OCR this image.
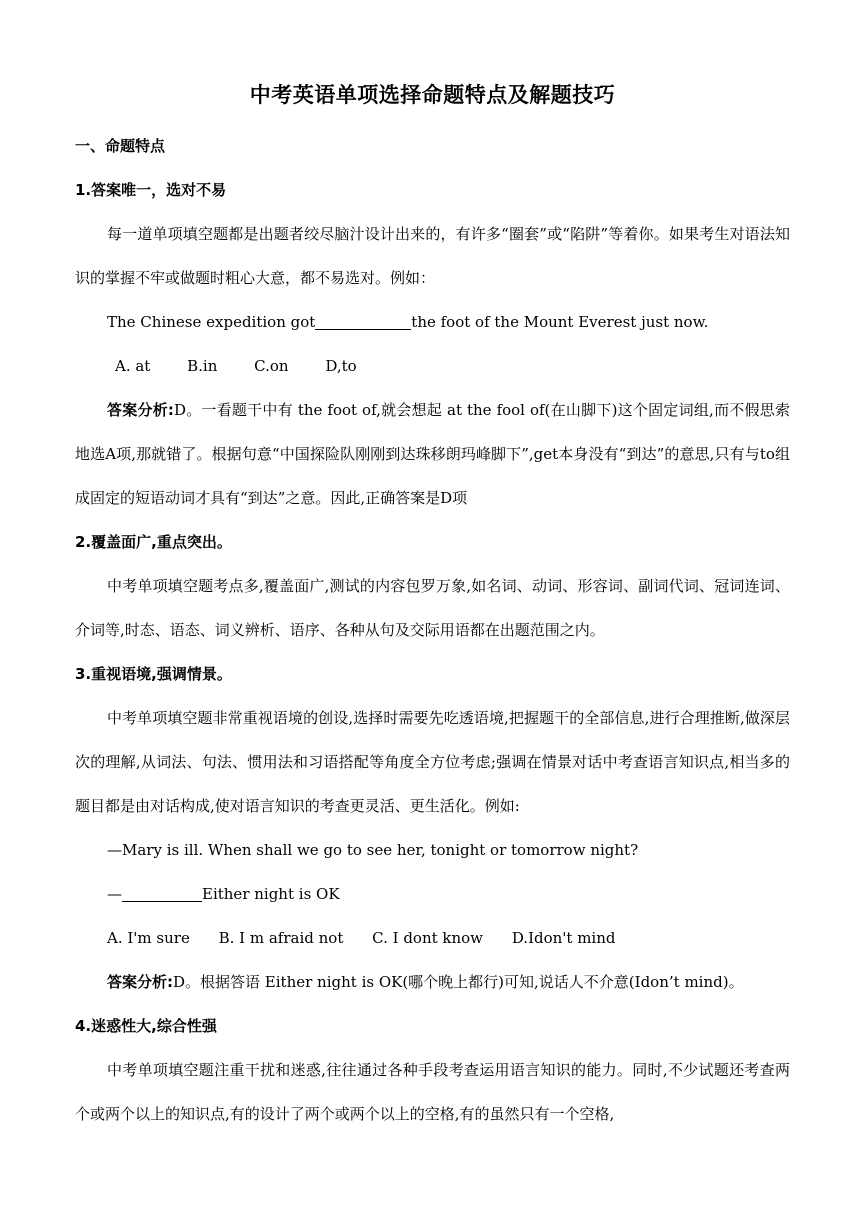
中考英语单项选择命题特点及解题技巧

一、命题特点

1.答案唯一，选对不易

每一道单项填空题都是出题者绞尽脑汁设计出来的，有许多“圈套”或“陷阱”等着你。如果考生对语法知识的掌握不牢或做题时粗心大意，都不易选对。例如：

The Chinese expedition got	the foot of the Mount Everest just now.

A. at B.in C.on D,to

答案分析:D。一看题干中有 the foot of,就会想起 at the fool of(在山脚下)这个固定词组,而不假思索地选A项,那就错了。根据句意“中国探险队刚刚到达珠移朗玛峰脚下”,get本身没有“到达”的意思,只有与to组成固定的短语动词才具有“到达”之意。因此,正确答案是D项

2.覆盖面广,重点突出。

中考单项填空题考点多,覆盖面广,测试的内容包罗万象,如名词、动词、形容词、副词代词、冠词连词、介词等,时态、语态、词义辨析、语序、各种从句及交际用语都在出题范围之内。

3.重视语境,强调情景。

中考单项填空题非常重视语境的创设,选择时需要先吃透语境,把握题干的全部信息,进行合理推断,做深层次的理解,从词法、句法、惯用法和习语搭配等角度全方位考虑;强调在情景对话中考查语言知识点,相当多的题目都是由对话构成,使对语言知识的考查更灵活、更生活化。例如:

—Mary is ill. When shall we go to see her, tonight or tomorrow night?

—	Either night is OK

A. I'm sure B. I m afraid not C. I dont know D.Idon't mind

答案分析:D。根据答语 Either night is OK(哪个晚上都行)可知,说话人不介意(Idon’t mind)。

4.迷惑性大,综合性强

中考单项填空题注重干扰和迷惑,往往通过各种手段考查运用语言知识的能力。同时,不少试题还考查两个或两个以上的知识点,有的设计了两个或两个以上的空格,有的虽然只有一个空格,
